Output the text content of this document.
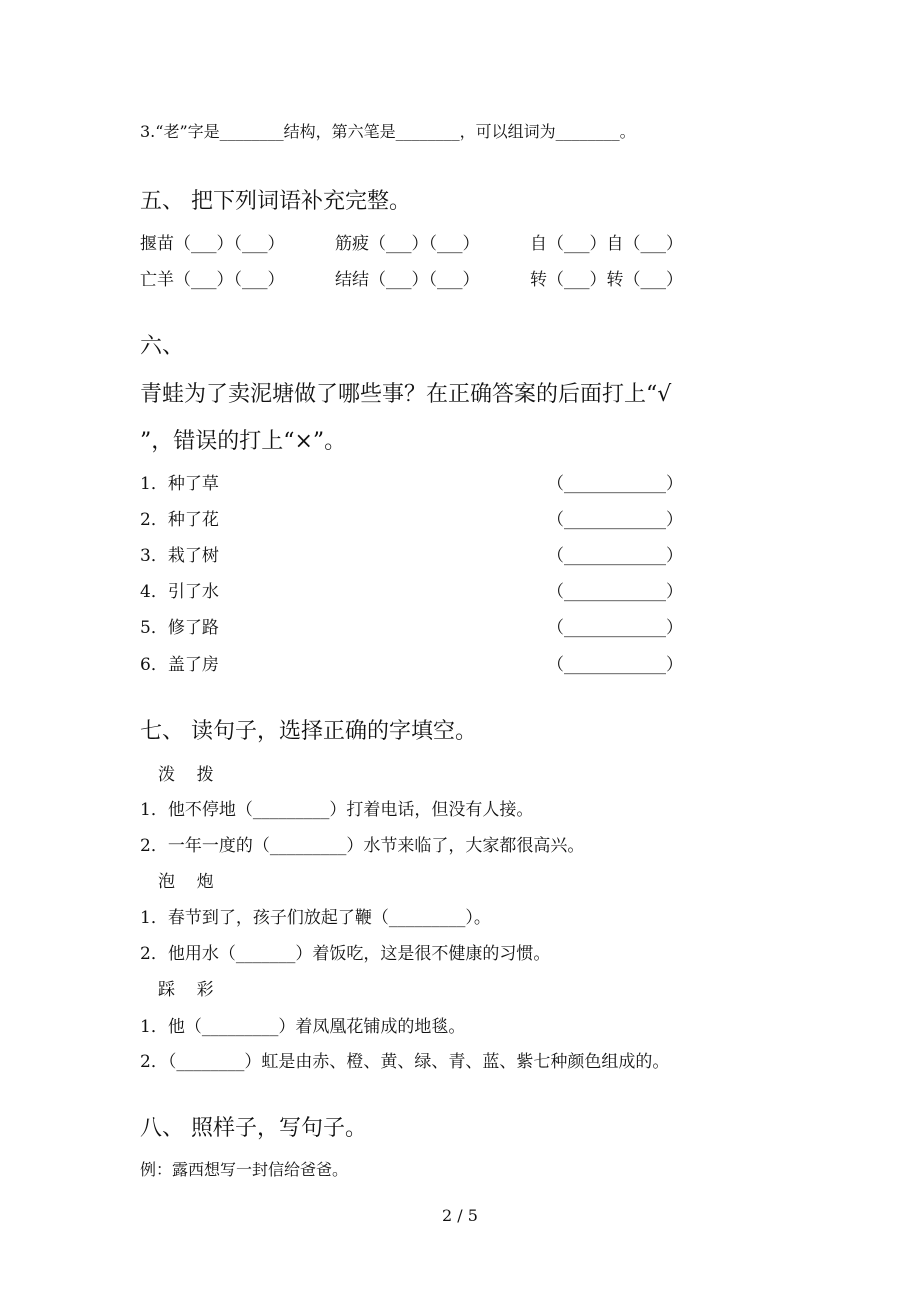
3.“老”字是________结构，第六笔是________，可以组词为________。
五、 把下列词语补充完整。
揠苗（___）（___）	筋疲（___）（___）	自（___）自（___）
亡羊（___）（___）	结结（___）（___）	转（___）转（___）
六、
青蛙为了卖泥塘做了哪些事？在正确答案的后面打上“√
”，错误的打上“×”。
1．种了草	（____________）
2．种了花	（____________）
3．栽了树	（____________）
4．引了水	（____________）
5．修了路	（____________）
6．盖了房	（____________）
七、 读句子，选择正确的字填空。
泼    拨
1．他不停地（_________）打着电话，但没有人接。
2．一年一度的（_________）水节来临了，大家都很高兴。
泡    炮
1．春节到了，孩子们放起了鞭（_________）。
2．他用水（_______）着饭吃，这是很不健康的习惯。
踩    彩
1．他（_________）着凤凰花铺成的地毯。
2．（________）虹是由赤、橙、黄、绿、青、蓝、紫七种颜色组成的。
八、 照样子，写句子。
例：露西想写一封信给爸爸。
2 / 5
